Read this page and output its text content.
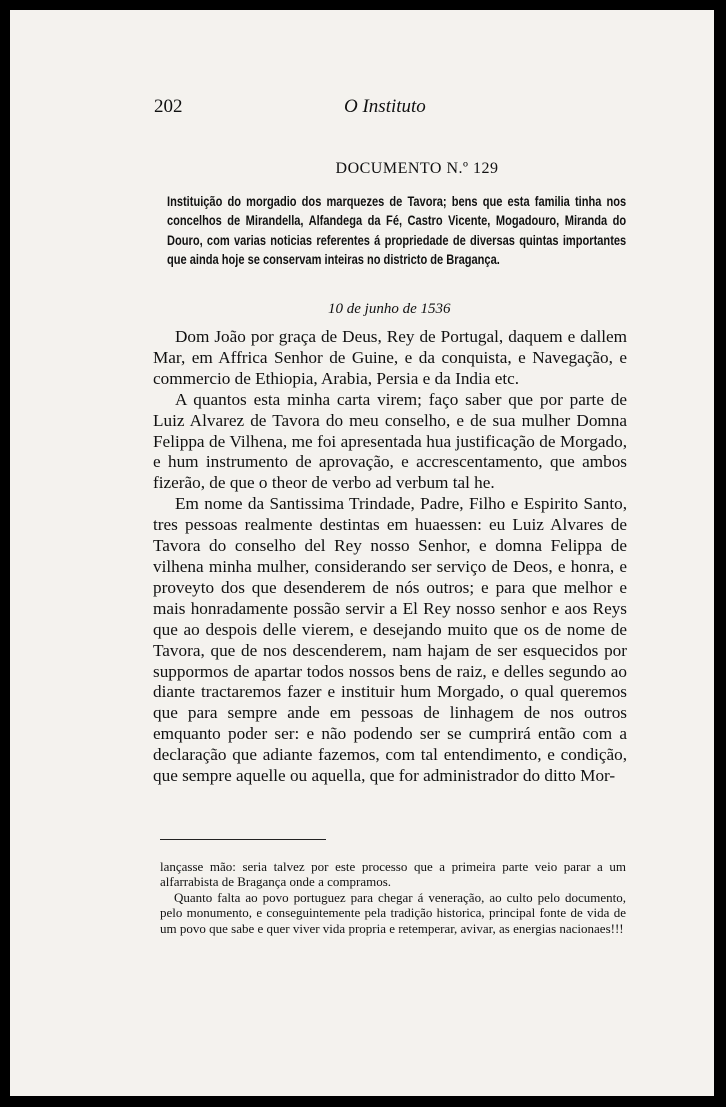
202	O Instituto
DOCUMENTO N.º 129
Instituição do morgadio dos marquezes de Tavora; bens que esta familia tinha nos concelhos de Mirandella, Alfandega da Fé, Castro Vicente, Mogadouro, Miranda do Douro, com varias noticias referentes á propriedade de diversas quintas importantes que ainda hoje se conservam inteiras no districto de Bragança.
10 de junho de 1536

Dom João por graça de Deus, Rey de Portugal, daquem e dallem Mar, em Affrica Senhor de Guine, e da conquista, e Navegação, e commercio de Ethiopia, Arabia, Persia e da India etc.

A quantos esta minha carta virem; faço saber que por parte de Luiz Alvarez de Tavora do meu conselho, e de sua mulher Domna Felippa de Vilhena, me foi apresentada hua justificação de Morgado, e hum instrumento de aprovação, e accrescentamento, que ambos fizerão, de que o theor de verbo ad verbum tal he.

Em nome da Santissima Trindade, Padre, Filho e Espirito Santo, tres pessoas realmente destintas em huaessen: eu Luiz Alvares de Tavora do conselho del Rey nosso Senhor, e domna Felippa de vilhena minha mulher, considerando ser serviço de Deos, e honra, e proveyto dos que desenderem de nós outros; e para que melhor e mais honradamente possão servir a El Rey nosso senhor e aos Reys que ao despois delle vierem, e desejando muito que os de nome de Tavora, que de nos descenderem, nam hajam de ser esquecidos por suppormos de apartar todos nossos bens de raiz, e delles segundo ao diante tractaremos fazer e instituir hum Morgado, o qual queremos que para sempre ande em pessoas de linhagem de nos outros emquanto poder ser: e não podendo ser se cumprirá então com a declaração que adiante fazemos, com tal entendimento, e condição, que sempre aquelle ou aquella, que for administrador do ditto Mor-

lançasse mão: seria talvez por este processo que a primeira parte veio parar a um alfarrabista de Bragança onde a compramos.

Quanto falta ao povo portuguez para chegar á veneração, ao culto pelo documento, pelo monumento, e conseguintemente pela tradição historica, principal fonte de vida de um povo que sabe e quer viver vida propria e retemperar, avivar, as energias nacionaes!!!
